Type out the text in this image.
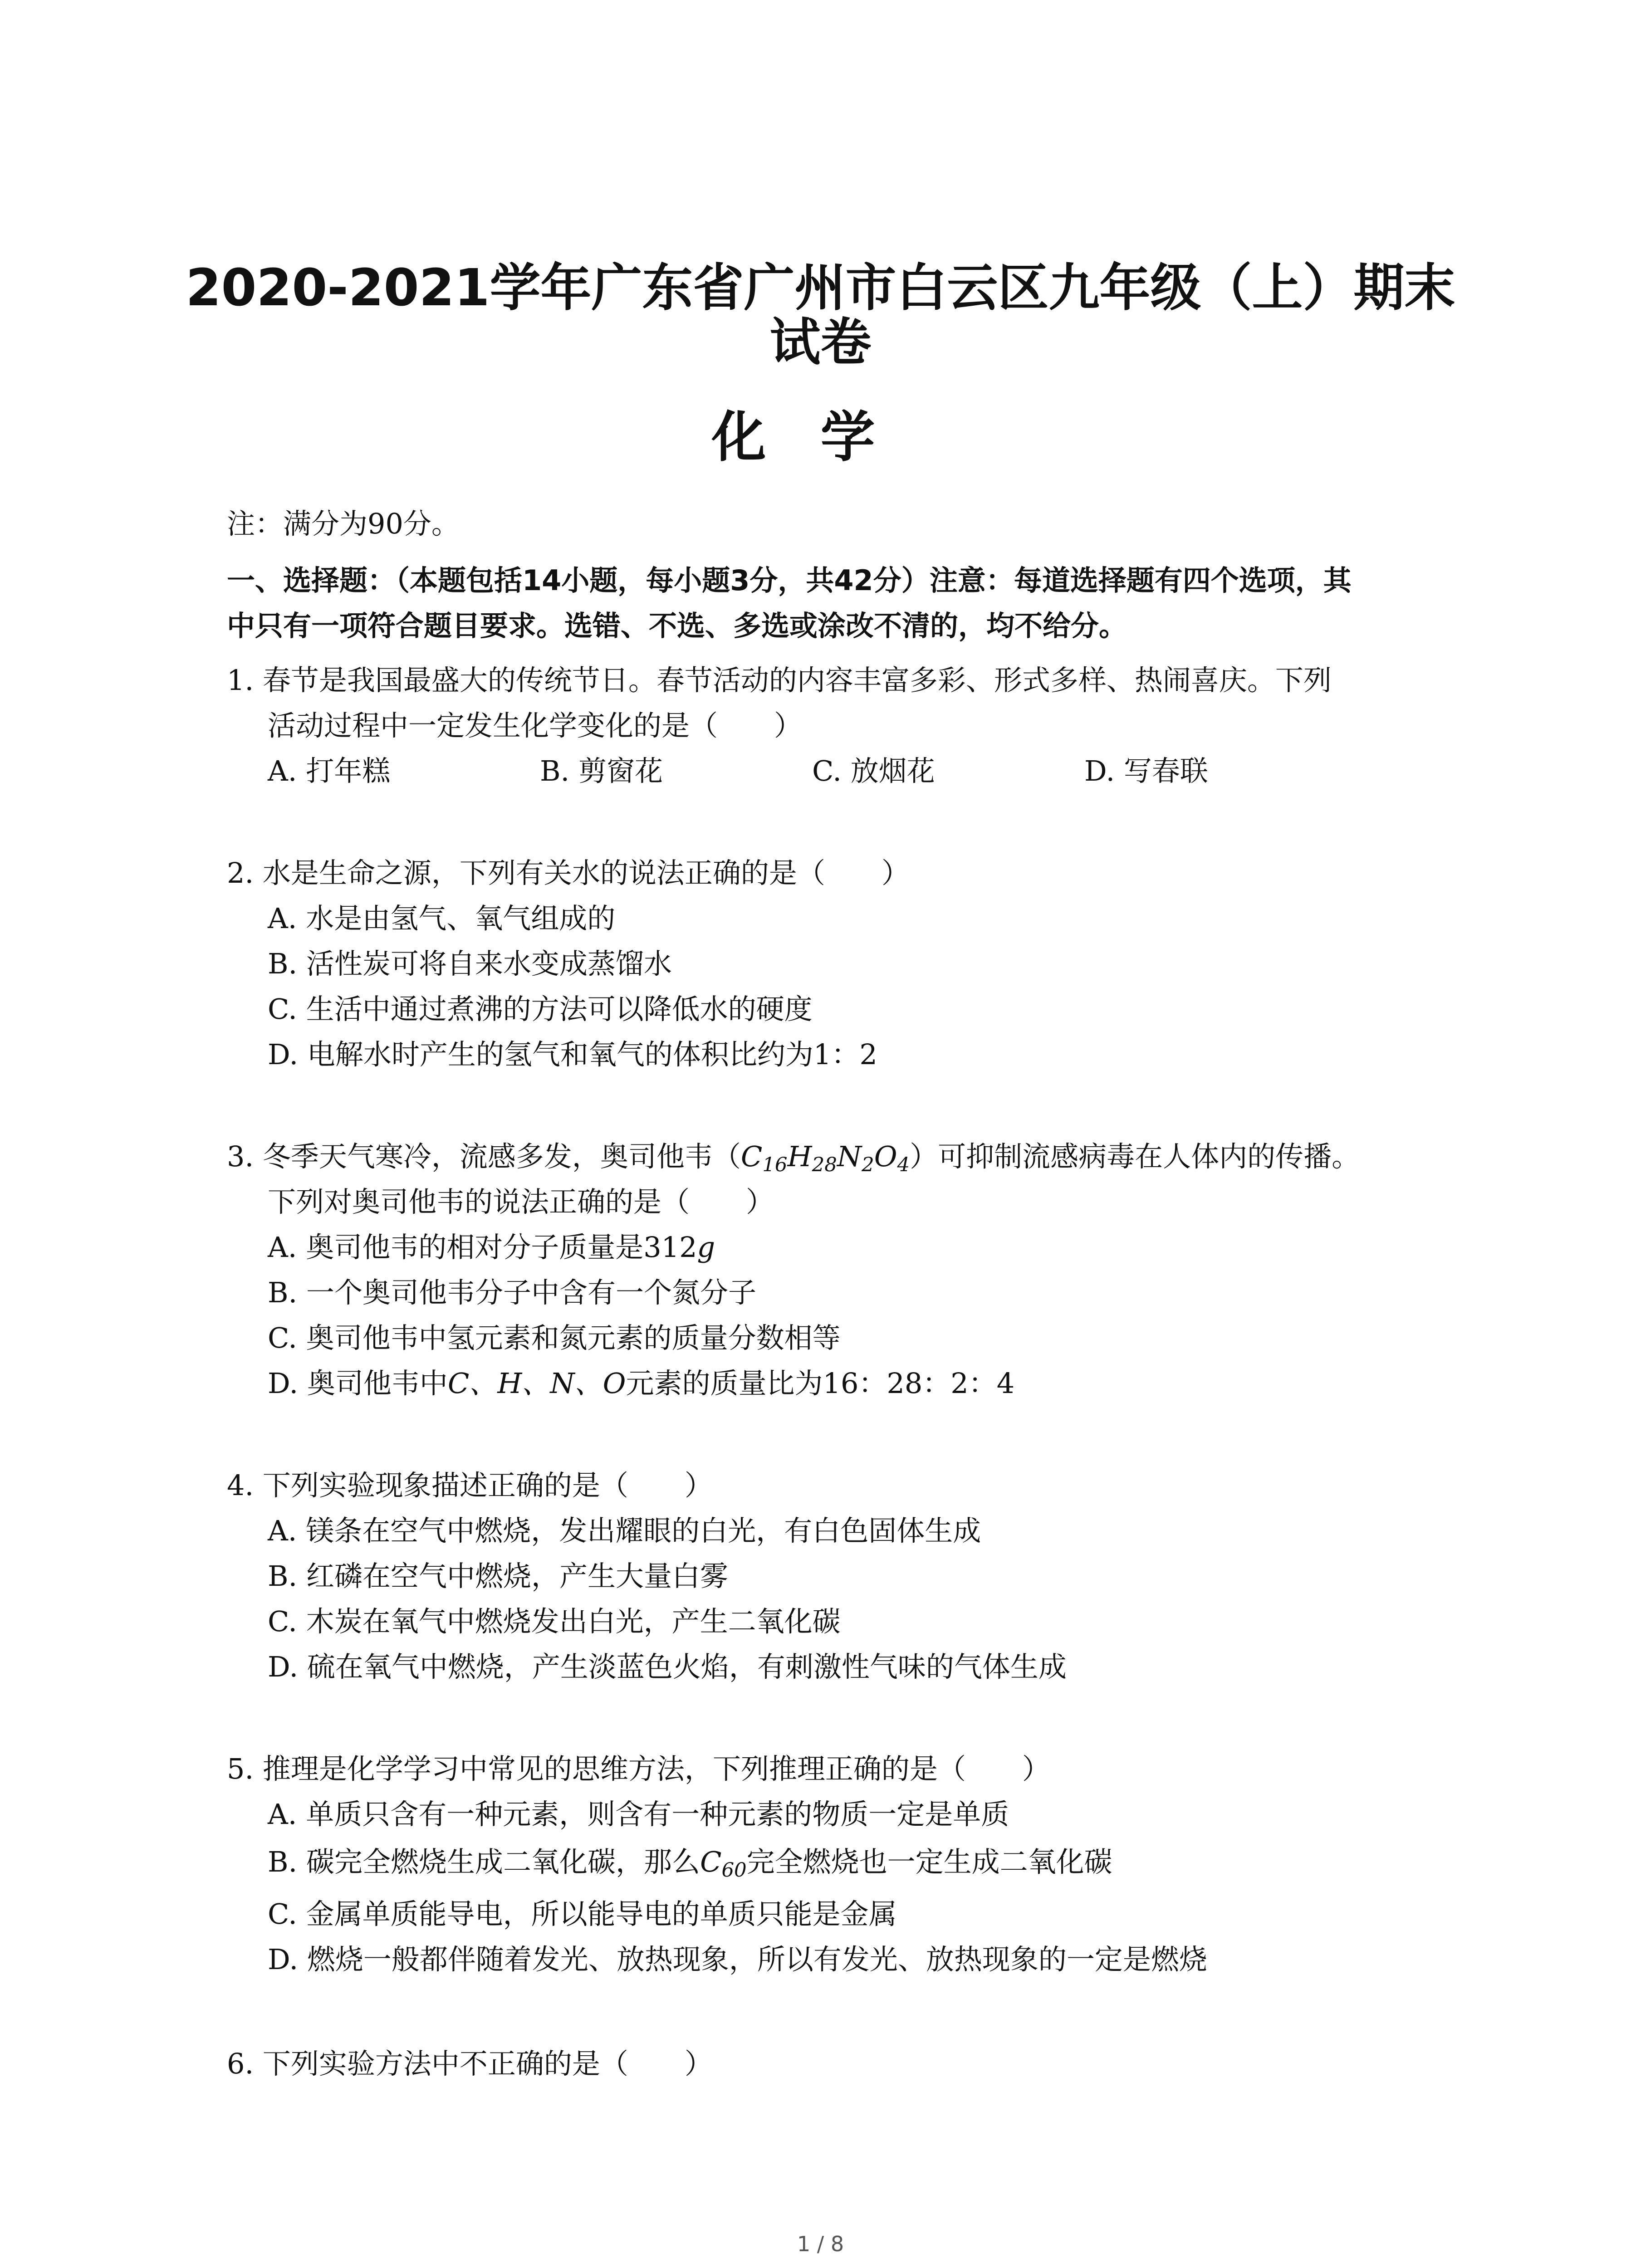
2020-2021学年广东省广州市白云区九年级（上）期末
试卷
化学
注：满分为90分。
一、选择题：（本题包括14小题，每小题3分，共42分）注意：每道选择题有四个选项，其
中只有一项符合题目要求。选错、不选、多选或涂改不清的，均不给分。
1. 春节是我国最盛大的传统节日。春节活动的内容丰富多彩、形式多样、热闹喜庆。下列
活动过程中一定发生化学变化的是（　　）
A. 打年糕	B. 剪窗花	C. 放烟花	D. 写春联
2. 水是生命之源，下列有关水的说法正确的是（　　）
A. 水是由氢气、氧气组成的
B. 活性炭可将自来水变成蒸馏水
C. 生活中通过煮沸的方法可以降低水的硬度
D. 电解水时产生的氢气和氧气的体积比约为1：2
3. 冬季天气寒冷，流感多发，奥司他韦$(C_{16}H_{28}N_2O_4)$可抑制流感病毒在人体内的传播。
下列对奥司他韦的说法正确的是（　　）
A. 奥司他韦的相对分子质量是312g
B. 一个奥司他韦分子中含有一个氮分子
C. 奥司他韦中氢元素和氮元素的质量分数相等
D. 奥司他韦中C、H、N、O元素的质量比为16：28：2：4
4. 下列实验现象描述正确的是（　　）
A. 镁条在空气中燃烧，发出耀眼的白光，有白色固体生成
B. 红磷在空气中燃烧，产生大量白雾
C. 木炭在氧气中燃烧发出白光，产生二氧化碳
D. 硫在氧气中燃烧，产生淡蓝色火焰，有刺激性气味的气体生成
5. 推理是化学学习中常见的思维方法，下列推理正确的是（　　）
A. 单质只含有一种元素，则含有一种元素的物质一定是单质
B. 碳完全燃烧生成二氧化碳，那么$C_{60}$完全燃烧也一定生成二氧化碳
C. 金属单质能导电，所以能导电的单质只能是金属
D. 燃烧一般都伴随着发光、放热现象，所以有发光、放热现象的一定是燃烧
6. 下列实验方法中不正确的是（　　）
1 / 8
